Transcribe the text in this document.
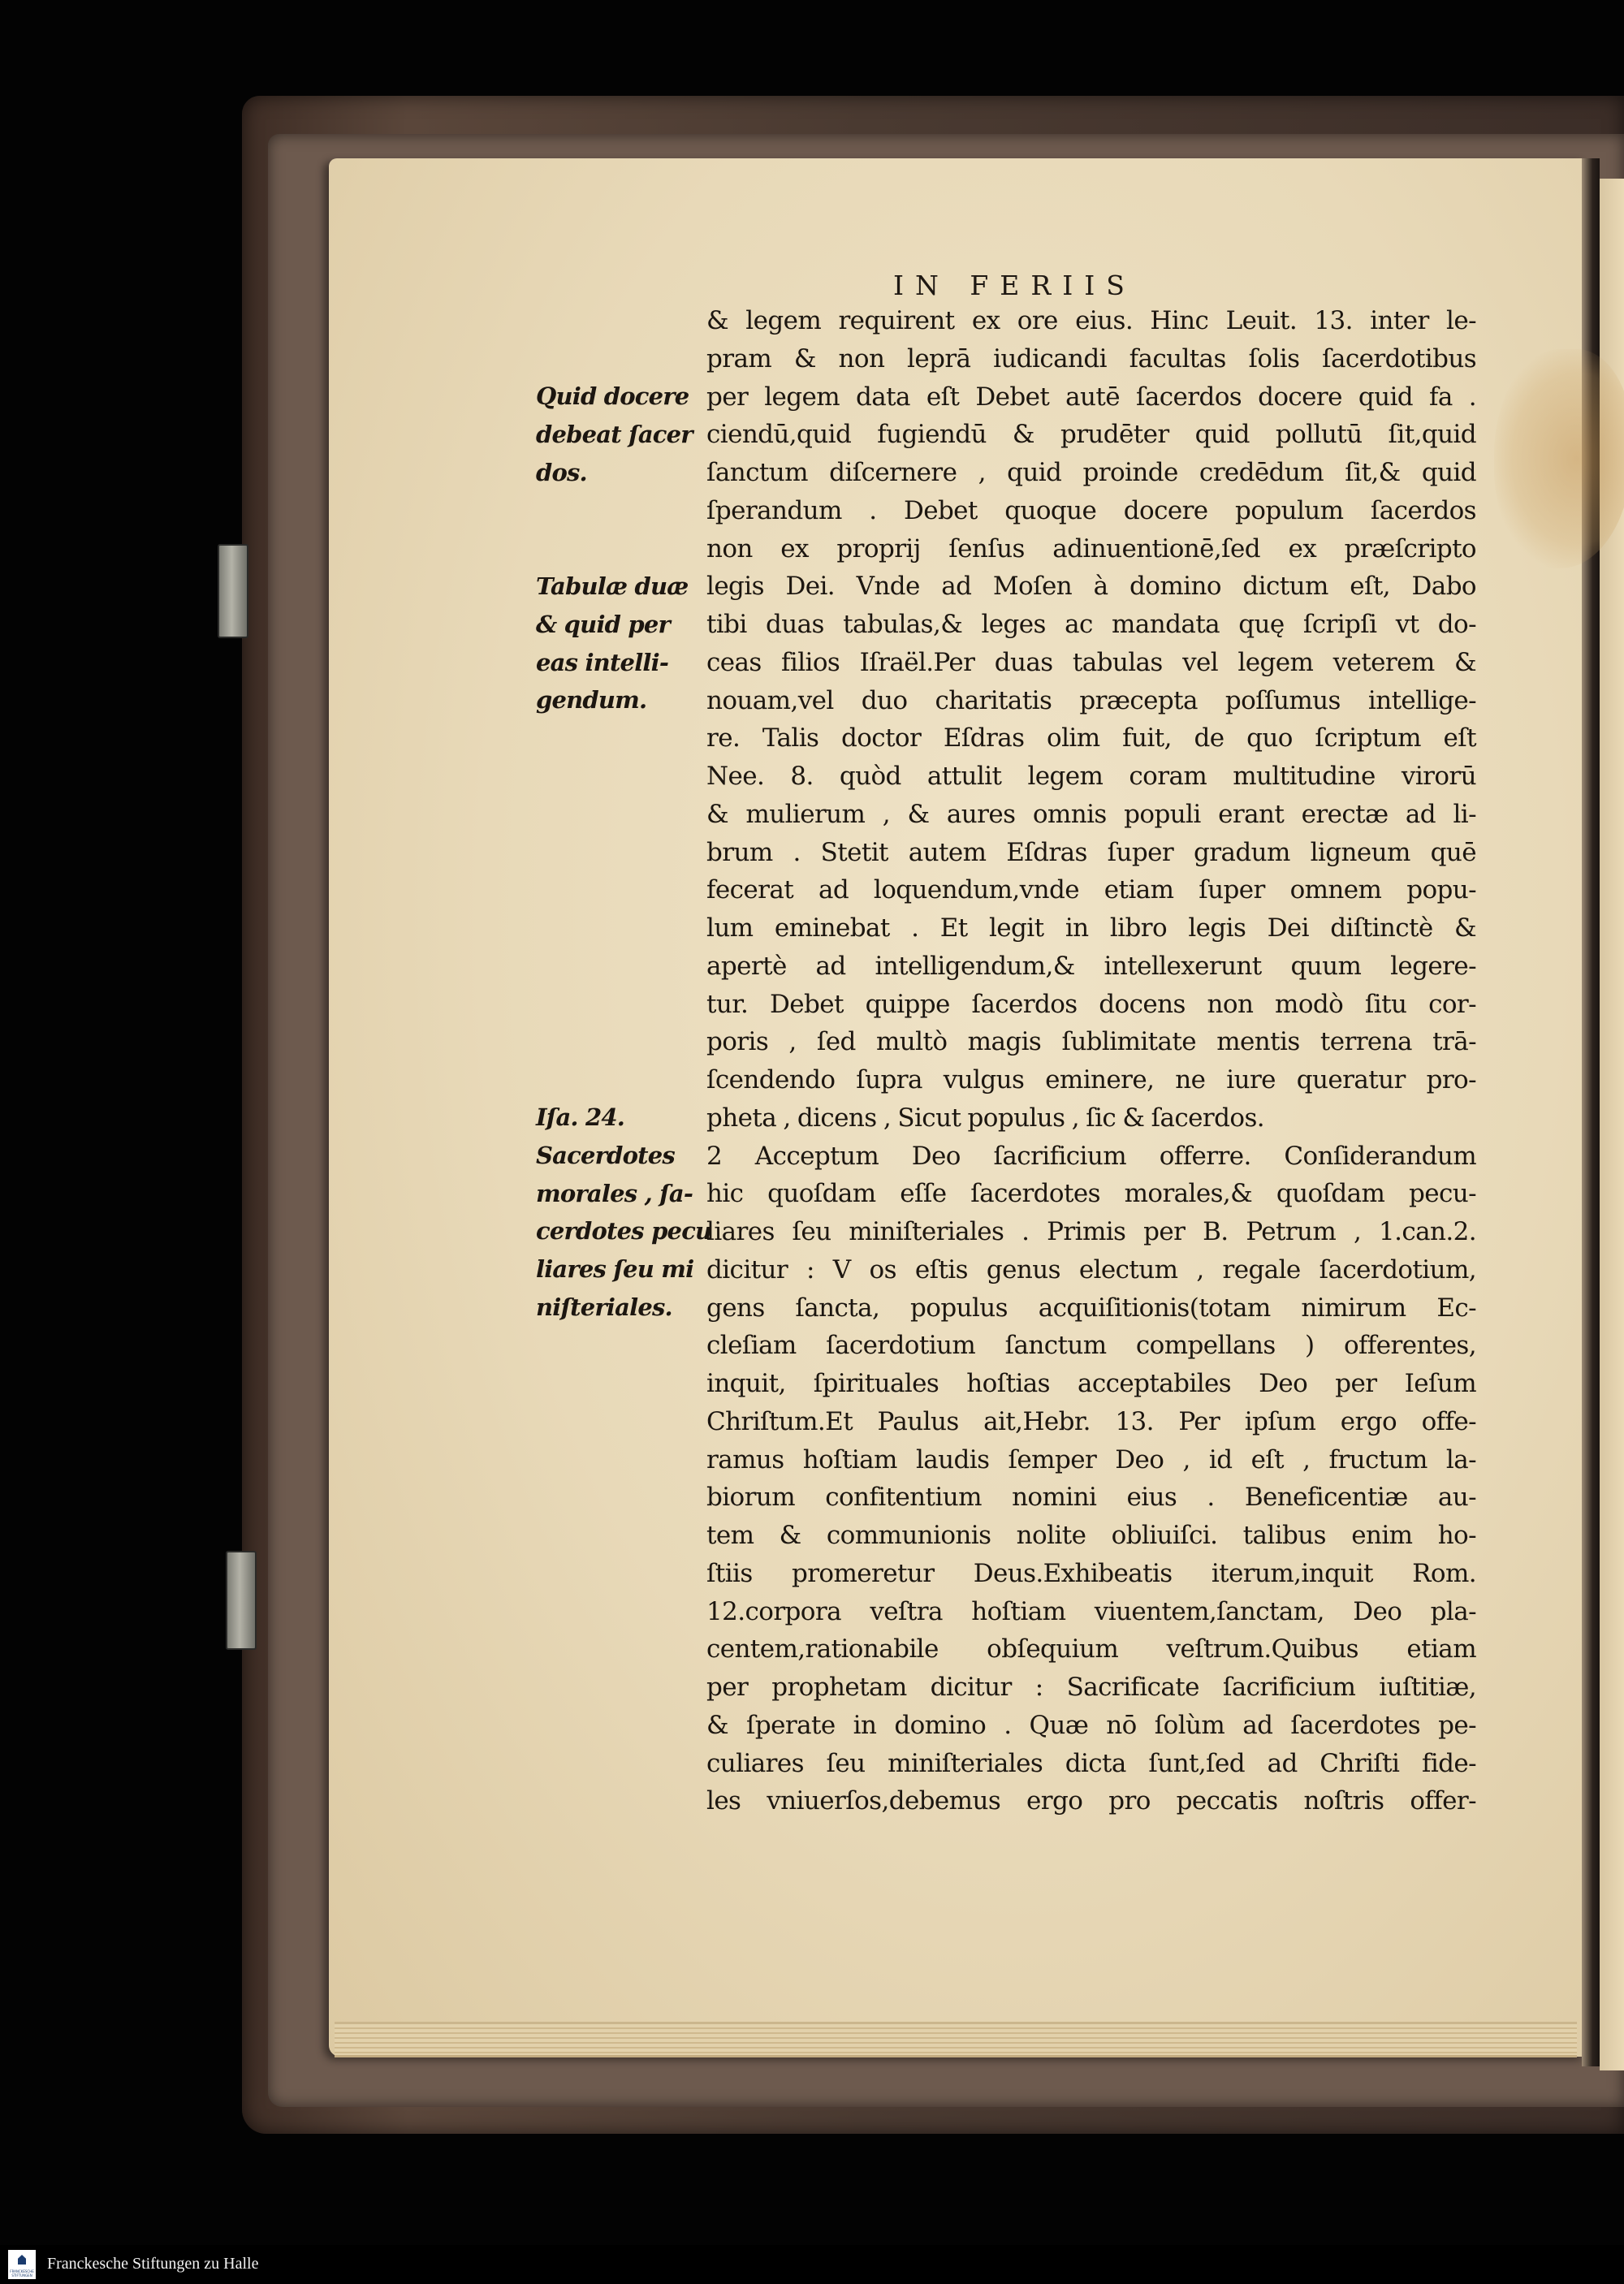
IN FERIIS
& legem requirent ex ore eius. Hinc Leuit. 13. inter le-
pram & non leprā iudicandi facultas ſolis ſacerdotibus
per legem data eſt Debet autē ſacerdos docere quid fa .
ciendū,quid fugiendū & prudēter quid pollutū ſit,quid
ſanctum diſcernere , quid proinde credēdum ſit,& quid
ſperandum . Debet quoque docere populum ſacerdos
non ex proprij ſenſus adinuentionē,ſed ex præſcripto
legis Dei. Vnde ad Moſen à domino dictum eſt, Dabo
tibi duas tabulas,& leges ac mandata quę ſcripſi vt do-
ceas filios Iſraël.Per duas tabulas vel legem veterem &
nouam,vel duo charitatis præcepta poſſumus intellige-
re. Talis doctor Eſdras olim fuit, de quo ſcriptum eſt
Nee. 8. quòd attulit legem coram multitudine virorū
& mulierum , & aures omnis populi erant erectæ ad li-
brum . Stetit autem Eſdras ſuper gradum ligneum quē
fecerat ad loquendum,vnde etiam ſuper omnem popu-
lum eminebat . Et legit in libro legis Dei diſtinctè &
apertè ad intelligendum,& intellexerunt quum legere-
tur. Debet quippe ſacerdos docens non modò ſitu cor-
poris , ſed multò magis ſublimitate mentis terrena trā-
ſcendendo ſupra vulgus eminere, ne iure queratur pro-
pheta , dicens , Sicut populus , ſic & ſacerdos.
2 Acceptum Deo ſacrificium offerre. Conſiderandum
hic quoſdam eſſe ſacerdotes morales,& quoſdam pecu-
liares ſeu miniſteriales . Primis per B. Petrum , 1.can.2.
dicitur : V os eſtis genus electum , regale ſacerdotium,
gens ſancta, populus acquiſitionis(totam nimirum Ec-
cleſiam ſacerdotium ſanctum compellans ) offerentes,
inquit, ſpirituales hoſtias acceptabiles Deo per Ieſum
Chriſtum.Et Paulus ait,Hebr. 13. Per ipſum ergo offe-
ramus hoſtiam laudis ſemper Deo , id eſt , fructum la-
biorum confitentium nomini eius . Beneficentiæ au-
tem & communionis nolite obliuiſci. talibus enim ho-
ſtiis promeretur Deus.Exhibeatis iterum,inquit Rom.
12.corpora veſtra hoſtiam viuentem,ſanctam, Deo pla-
centem,rationabile obſequium veſtrum.Quibus etiam
per prophetam dicitur : Sacrificate ſacrificium iuſtitiæ,
& ſperate in domino . Quæ nō ſolùm ad ſacerdotes pe-
culiares ſeu miniſteriales dicta ſunt,ſed ad Chriſti fide-
les vniuerſos,debemus ergo pro peccatis noſtris offer-
Quid docere
debeat ſacer
dos.
Tabulæ duæ
& quid per
eas intelli-
gendum.
Iſa. 24.
Sacerdotes
morales , ſa-
cerdotes pecu
liares ſeu mi
niſteriales.
FRANCKESCHE STIFTUNGEN
Franckesche Stiftungen zu Halle
